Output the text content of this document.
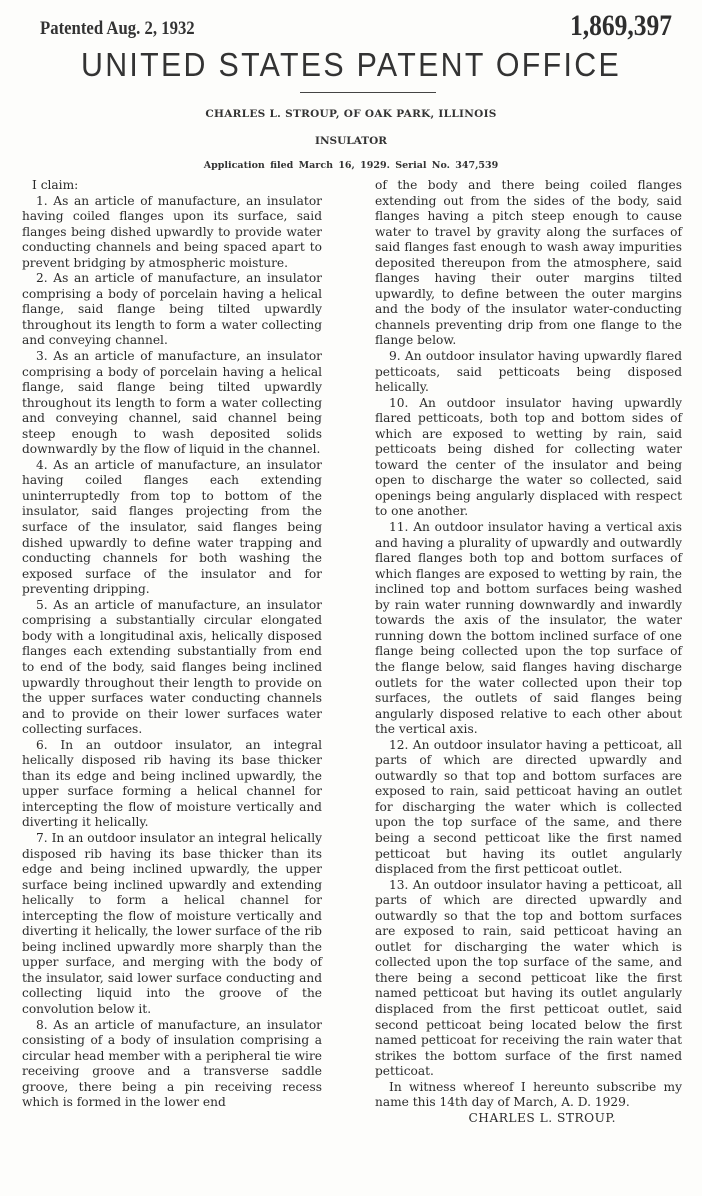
Patented Aug. 2, 1932	1,869,397
UNITED STATES PATENT OFFICE
CHARLES L. STROUP, OF OAK PARK, ILLINOIS
INSULATOR
Application filed March 16, 1929. Serial No. 347,539

I claim:

1. As an article of manufacture, an insulator having coiled flanges upon its surface, said flanges being dished upwardly to provide water conducting channels and being spaced apart to prevent bridging by atmospheric moisture.

2. As an article of manufacture, an insulator comprising a body of porcelain having a helical flange, said flange being tilted upwardly throughout its length to form a water collecting and conveying channel.

3. As an article of manufacture, an insulator comprising a body of porcelain having a helical flange, said flange being tilted upwardly throughout its length to form a water collecting and conveying channel, said channel being steep enough to wash deposited solids downwardly by the flow of liquid in the channel.

4. As an article of manufacture, an insulator having coiled flanges each extending uninterruptedly from top to bottom of the insulator, said flanges projecting from the surface of the insulator, said flanges being dished upwardly to define water trapping and conducting channels for both washing the exposed surface of the insulator and for preventing dripping.

5. As an article of manufacture, an insulator comprising a substantially circular elongated body with a longitudinal axis, helically disposed flanges each extending substantially from end to end of the body, said flanges being inclined upwardly throughout their length to provide on the upper surfaces water conducting channels and to provide on their lower surfaces water collecting surfaces.

6. In an outdoor insulator, an integral helically disposed rib having its base thicker than its edge and being inclined upwardly, the upper surface forming a helical channel for intercepting the flow of moisture vertically and diverting it helically.

7. In an outdoor insulator an integral helically disposed rib having its base thicker than its edge and being inclined upwardly, the upper surface being inclined upwardly and extending helically to form a helical channel for intercepting the flow of moisture vertically and diverting it helically, the lower surface of the rib being inclined upwardly more sharply than the upper surface, and merging with the body of the insulator, said lower surface conducting and collecting liquid into the groove of the convolution below it.

8. As an article of manufacture, an insulator consisting of a body of insulation comprising a circular head member with a peripheral tie wire receiving groove and a transverse saddle groove, there being a pin receiving recess which is formed in the lower end

of the body and there being coiled flanges extending out from the sides of the body, said flanges having a pitch steep enough to cause water to travel by gravity along the surfaces of said flanges fast enough to wash away impurities deposited thereupon from the atmosphere, said flanges having their outer margins tilted upwardly, to define between the outer margins and the body of the insulator water-conducting channels preventing drip from one flange to the flange below.

9. An outdoor insulator having upwardly flared petticoats, said petticoats being disposed helically.

10. An outdoor insulator having upwardly flared petticoats, both top and bottom sides of which are exposed to wetting by rain, said petticoats being dished for collecting water toward the center of the insulator and being open to discharge the water so collected, said openings being angularly displaced with respect to one another.

11. An outdoor insulator having a vertical axis and having a plurality of upwardly and outwardly flared flanges both top and bottom surfaces of which flanges are exposed to wetting by rain, the inclined top and bottom surfaces being washed by rain water running downwardly and inwardly towards the axis of the insulator, the water running down the bottom inclined surface of one flange being collected upon the top surface of the flange below, said flanges having discharge outlets for the water collected upon their top surfaces, the outlets of said flanges being angularly disposed relative to each other about the vertical axis.

12. An outdoor insulator having a petticoat, all parts of which are directed upwardly and outwardly so that top and bottom surfaces are exposed to rain, said petticoat having an outlet for discharging the water which is collected upon the top surface of the same, and there being a second petticoat like the first named petticoat but having its outlet angularly displaced from the first petticoat outlet.

13. An outdoor insulator having a petticoat, all parts of which are directed upwardly and outwardly so that the top and bottom surfaces are exposed to rain, said petticoat having an outlet for discharging the water which is collected upon the top surface of the same, and there being a second petticoat like the first named petticoat but having its outlet angularly displaced from the first petticoat outlet, said second petticoat being located below the first named petticoat for receiving the rain water that strikes the bottom surface of the first named petticoat.

In witness whereof I hereunto subscribe my name this 14th day of March, A. D. 1929.

CHARLES L. STROUP.
